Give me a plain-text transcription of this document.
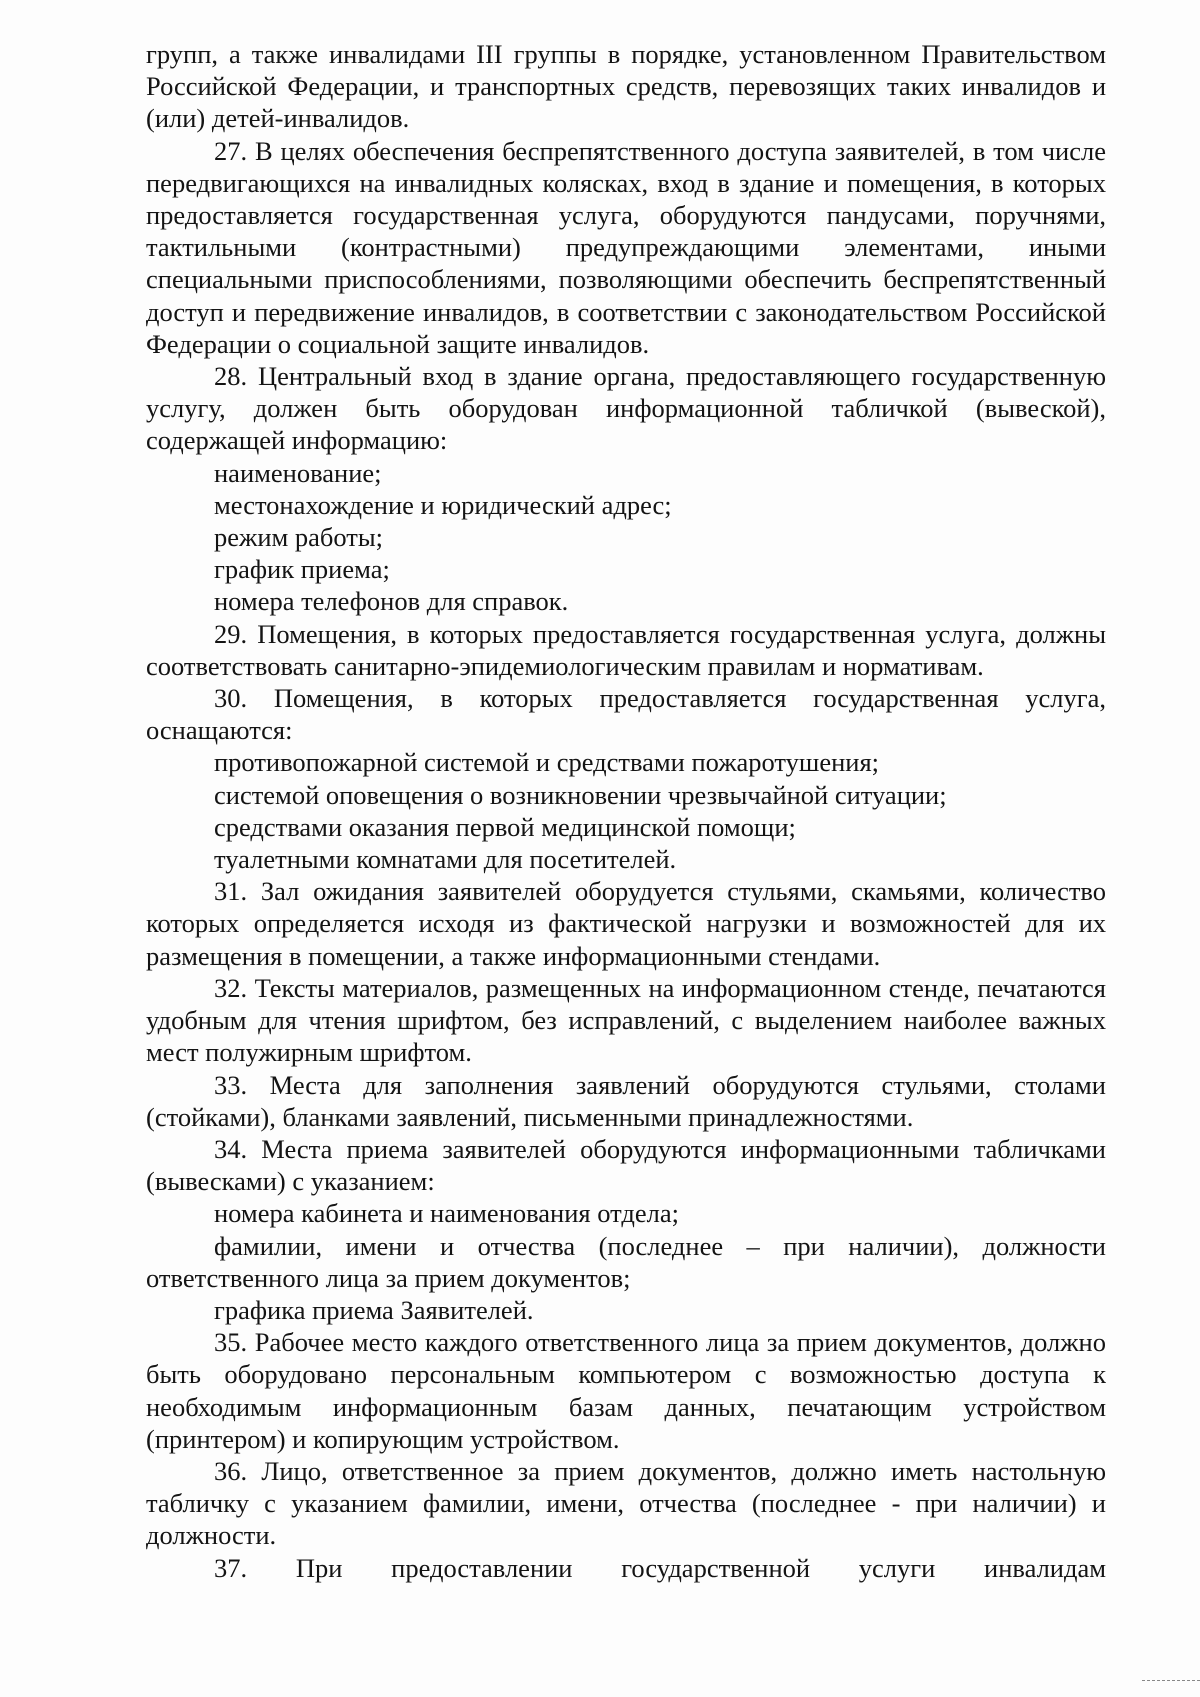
групп, а также инвалидами III группы в порядке, установленном Правительством Российской Федерации, и транспортных средств, перевозящих таких инвалидов и (или) детей-инвалидов.

27. В целях обеспечения беспрепятственного доступа заявителей, в том числе передвигающихся на инвалидных колясках, вход в здание и помещения, в которых предоставляется государственная услуга, оборудуются пандусами, поручнями, тактильными (контрастными) предупреждающими элементами, иными специальными приспособлениями, позволяющими обеспечить беспрепятственный доступ и передвижение инвалидов, в соответствии с законодательством Российской Федерации о социальной защите инвалидов.

28. Центральный вход в здание органа, предоставляющего государственную услугу, должен быть оборудован информационной табличкой (вывеской), содержащей информацию:

наименование;

местонахождение и юридический адрес;

режим работы;

график приема;

номера телефонов для справок.

29. Помещения, в которых предоставляется государственная услуга, должны соответствовать санитарно-эпидемиологическим правилам и нормативам.

30. Помещения, в которых предоставляется государственная услуга, оснащаются:

противопожарной системой и средствами пожаротушения;

системой оповещения о возникновении чрезвычайной ситуации;

средствами оказания первой медицинской помощи;

туалетными комнатами для посетителей.

31. Зал ожидания заявителей оборудуется стульями, скамьями, количество которых определяется исходя из фактической нагрузки и возможностей для их размещения в помещении, а также информационными стендами.

32. Тексты материалов, размещенных на информационном стенде, печатаются удобным для чтения шрифтом, без исправлений, с выделением наиболее важных мест полужирным шрифтом.

33. Места для заполнения заявлений оборудуются стульями, столами (стойками), бланками заявлений, письменными принадлежностями.

34. Места приема заявителей оборудуются информационными табличками (вывесками) с указанием:

номера кабинета и наименования отдела;

фамилии, имени и отчества (последнее – при наличии), должности ответственного лица за прием документов;

графика приема Заявителей.

35. Рабочее место каждого ответственного лица за прием документов, должно быть оборудовано персональным компьютером с возможностью доступа к необходимым информационным базам данных, печатающим устройством (принтером) и копирующим устройством.

36. Лицо, ответственное за прием документов, должно иметь настольную табличку с указанием фамилии, имени, отчества (последнее - при наличии) и должности.

37. При предоставлении государственной услуги инвалидам
